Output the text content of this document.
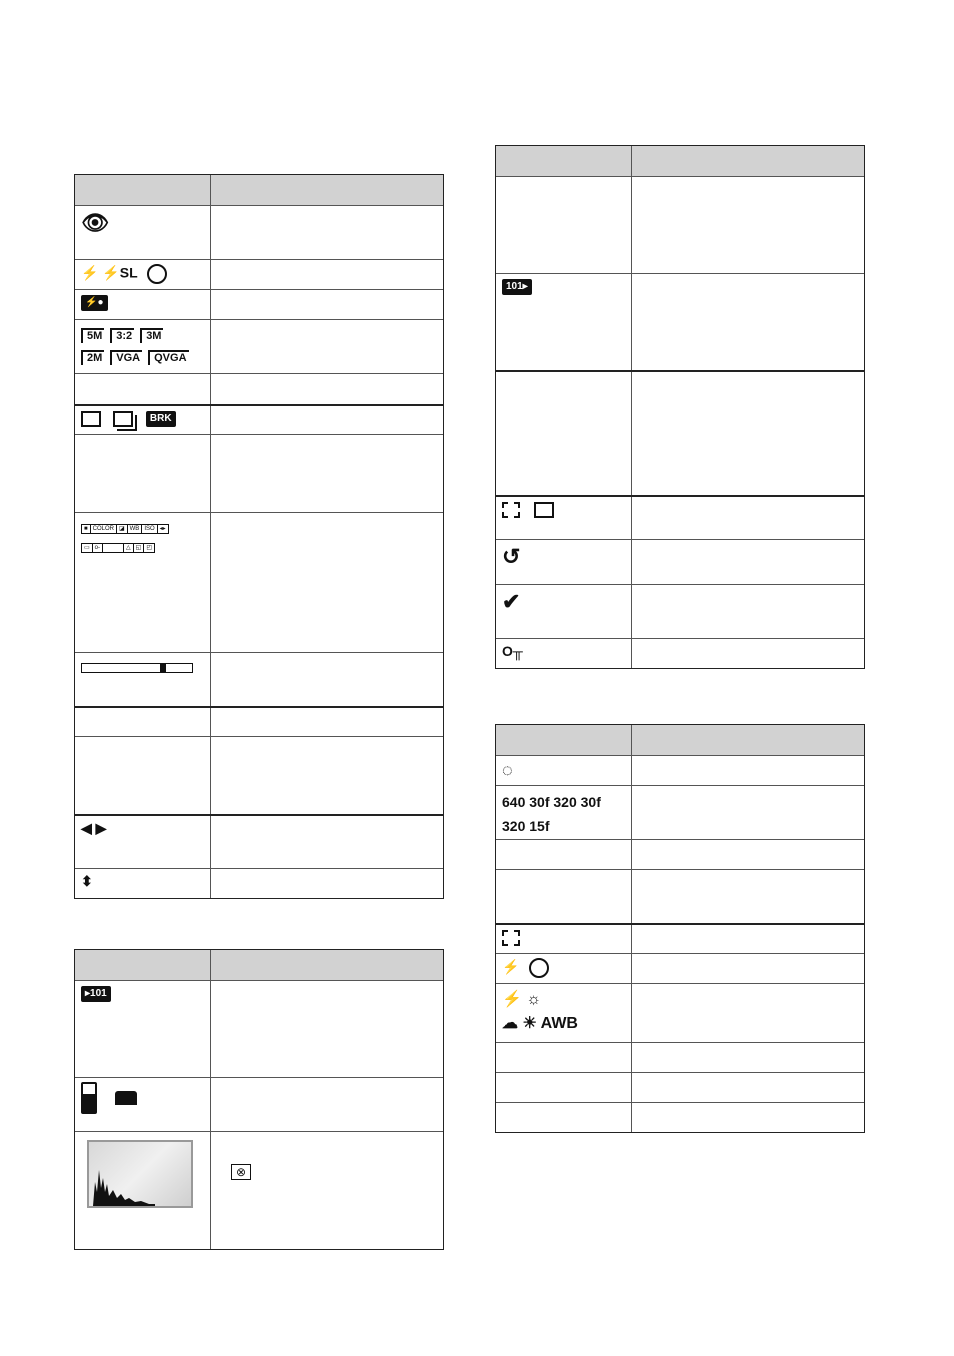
👁
⚡ ⚡SL
⚡●
5M 3:2 3M
2M VGA QVGA
BRK
■ COLOR ◪ WB ISO ◂▸

▭ o-	△ ◱ ◰
◀ ▶
⬍
▸101

⊗
101▸

↺
✔
O╥
◌
640 30f 320 30f
320 15f
⚡
⚡ ☼
☁ ☀ AWB
